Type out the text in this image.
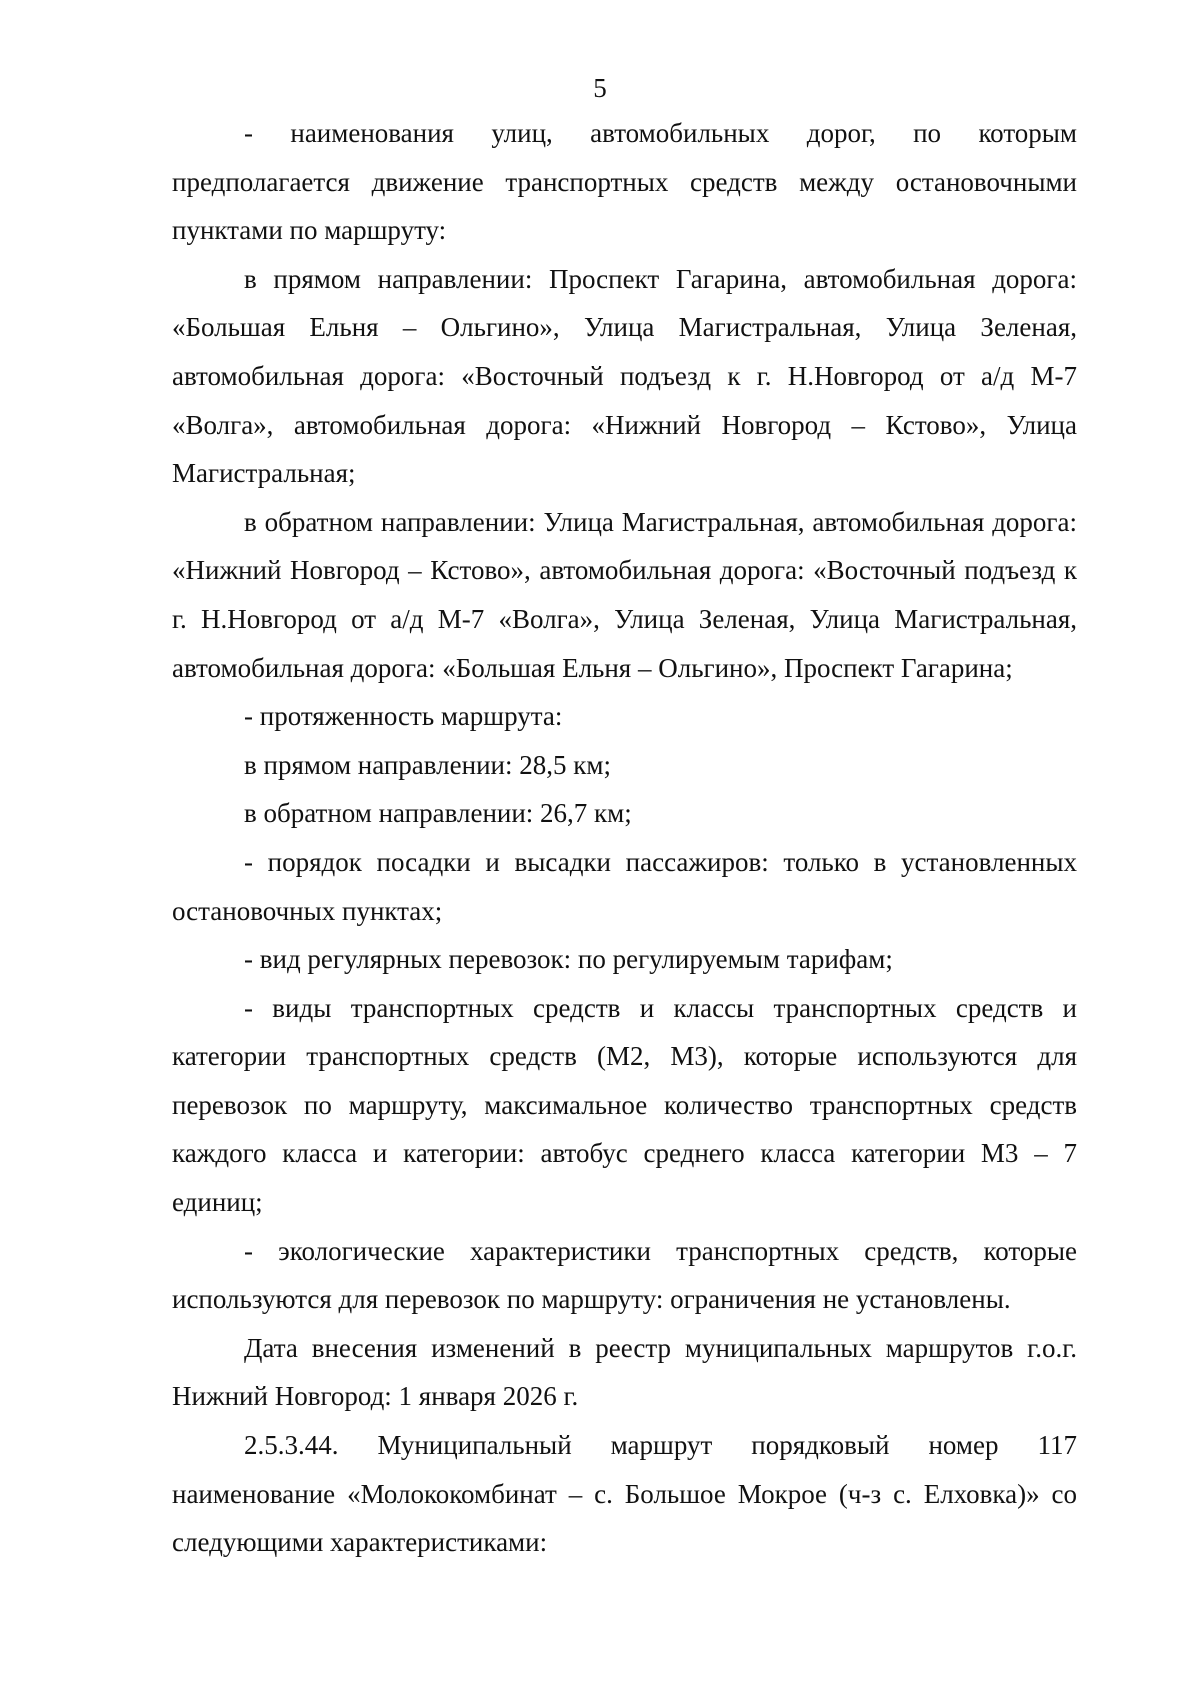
5

- наименования улиц, автомобильных дорог, по которым предполагается движение транспортных средств между остановочными пунктами по маршруту:

в прямом направлении: Проспект Гагарина, автомобильная дорога: «Большая Ельня – Ольгино», Улица Магистральная, Улица Зеленая, автомобильная дорога: «Восточный подъезд к г. Н.Новгород от а/д М-7 «Волга», автомобильная дорога: «Нижний Новгород – Кстово», Улица Магистральная;

в обратном направлении: Улица Магистральная, автомобильная дорога: «Нижний Новгород – Кстово», автомобильная дорога: «Восточный подъезд к г. Н.Новгород от а/д М-7 «Волга», Улица Зеленая, Улица Магистральная, автомобильная дорога: «Большая Ельня – Ольгино», Проспект Гагарина;

- протяженность маршрута:

в прямом направлении: 28,5 км;

в обратном направлении: 26,7 км;

- порядок посадки и высадки пассажиров: только в установленных остановочных пунктах;

- вид регулярных перевозок: по регулируемым тарифам;

- виды транспортных средств и классы транспортных средств и категории транспортных средств (М2, М3), которые используются для перевозок по маршруту, максимальное количество транспортных средств каждого класса и категории: автобус среднего класса категории М3 – 7 единиц;

- экологические характеристики транспортных средств, которые используются для перевозок по маршруту: ограничения не установлены.

Дата внесения изменений в реестр муниципальных маршрутов г.о.г. Нижний Новгород: 1 января 2026 г.

2.5.3.44. Муниципальный маршрут порядковый номер 117 наименование «Молококомбинат – с. Большое Мокрое (ч-з с. Елховка)» со следующими характеристиками:
